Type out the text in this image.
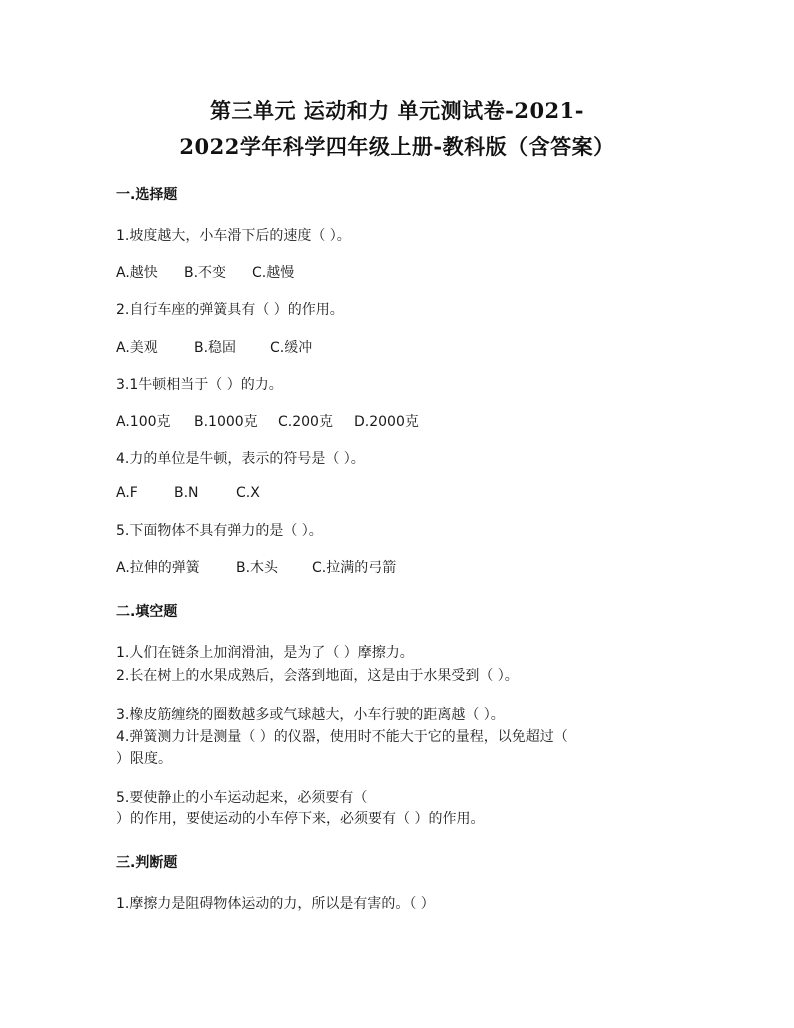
第三单元 运动和力 单元测试卷-2021-
2022学年科学四年级上册-教科版（含答案）
一.选择题
1.坡度越大，小车滑下后的速度（ ）。
A.越快 B.不变 C.越慢
2.自行车座的弹簧具有（ ）的作用。
A.美观	B.稳固 C.缓冲
3.1牛顿相当于（ ）的力。
A.100克 B.1000克 C.200克 D.2000克
4.力的单位是牛顿，表示的符号是（ ）。
A.F	B.N	C.X
5.下面物体不具有弹力的是（ ）。
A.拉伸的弹簧	B.木头 C.拉满的弓箭
二.填空题
1.人们在链条上加润滑油，是为了（ ）摩擦力。
2.长在树上的水果成熟后，会落到地面，这是由于水果受到（ ）。
3.橡皮筋缠绕的圈数越多或气球越大，小车行驶的距离越（ ）。
4.弹簧测力计是测量（ ）的仪器，使用时不能大于它的量程，以免超过（
）限度。
5.要使静止的小车运动起来，必须要有（
）的作用，要使运动的小车停下来，必须要有（ ）的作用。
三.判断题
1.摩擦力是阻碍物体运动的力，所以是有害的。（ ）
